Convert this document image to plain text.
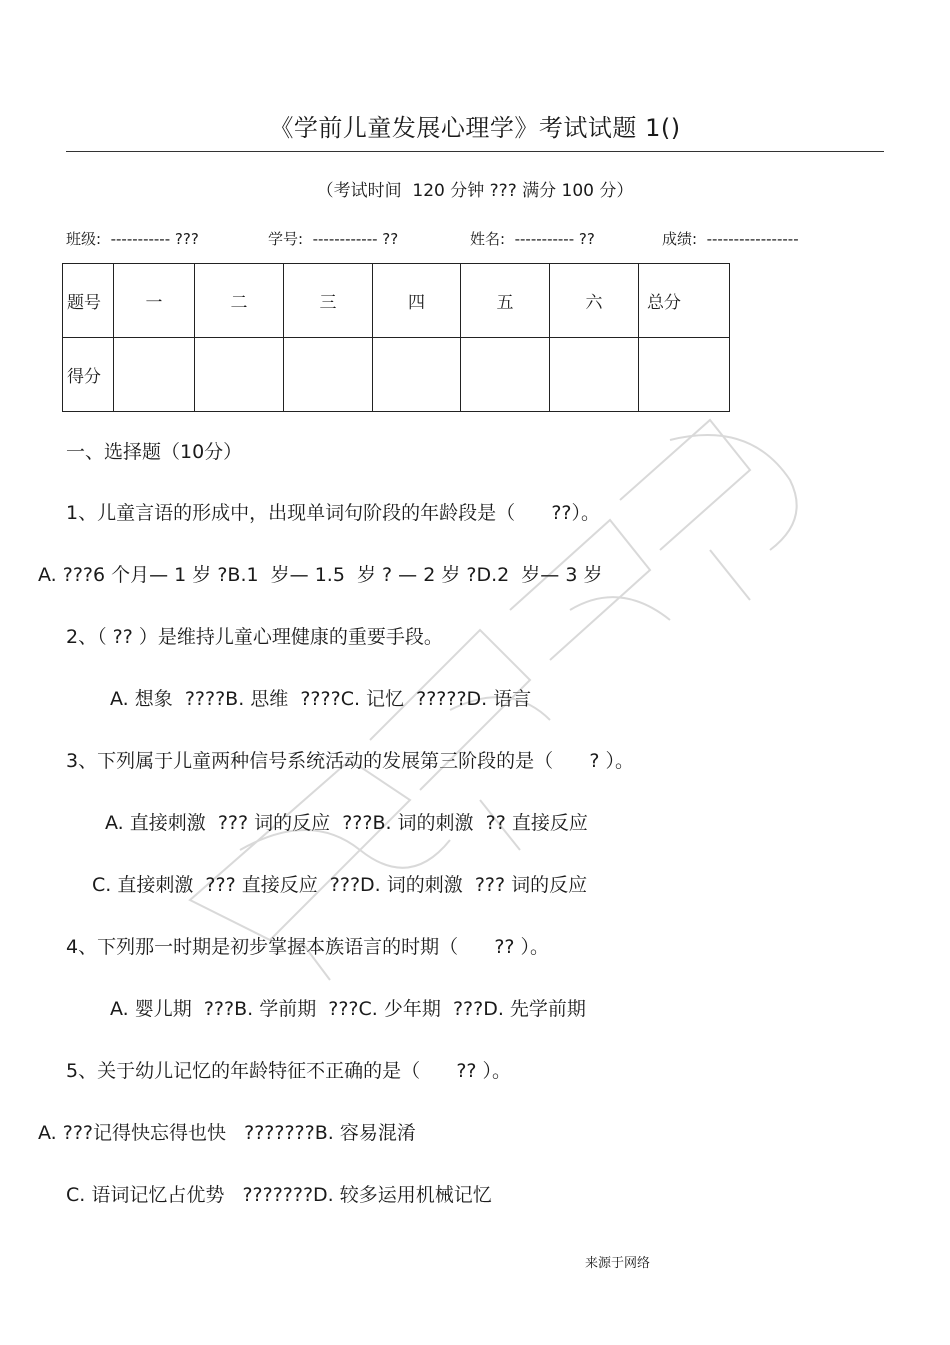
《学前儿童发展心理学》考试试题 1()
（考试时间  120 分钟 ??? 满分 100 分）
班级:  ----------- ???	学号:  ------------ ??	姓名:  ----------- ??	成绩:  -----------------
题号	一	二	三	四	五	六	总分
得分							
一、选择题（10分）
1、儿童言语的形成中，出现单词句阶段的年龄段是（      ??）。
A. ???6 个月— 1 岁 ?B.1  岁— 1.5  岁 ? — 2 岁 ?D.2  岁— 3 岁
2、（ ?? ）是维持儿童心理健康的重要手段。
A. 想象  ????B. 思维  ????C. 记忆  ?????D. 语言
3、下列属于儿童两种信号系统活动的发展第三阶段的是（      ? ）。
A. 直接刺激  ??? 词的反应  ???B. 词的刺激  ?? 直接反应
C. 直接刺激  ??? 直接反应  ???D. 词的刺激  ??? 词的反应
4、下列那一时期是初步掌握本族语言的时期（      ?? ）。
A. 婴儿期  ???B. 学前期  ???C. 少年期  ???D. 先学前期
5、关于幼儿记忆的年龄特征不正确的是（      ?? ）。
A. ???记得快忘得也快   ???????B. 容易混淆
C. 语词记忆占优势   ???????D. 较多运用机械记忆
来源于网络
